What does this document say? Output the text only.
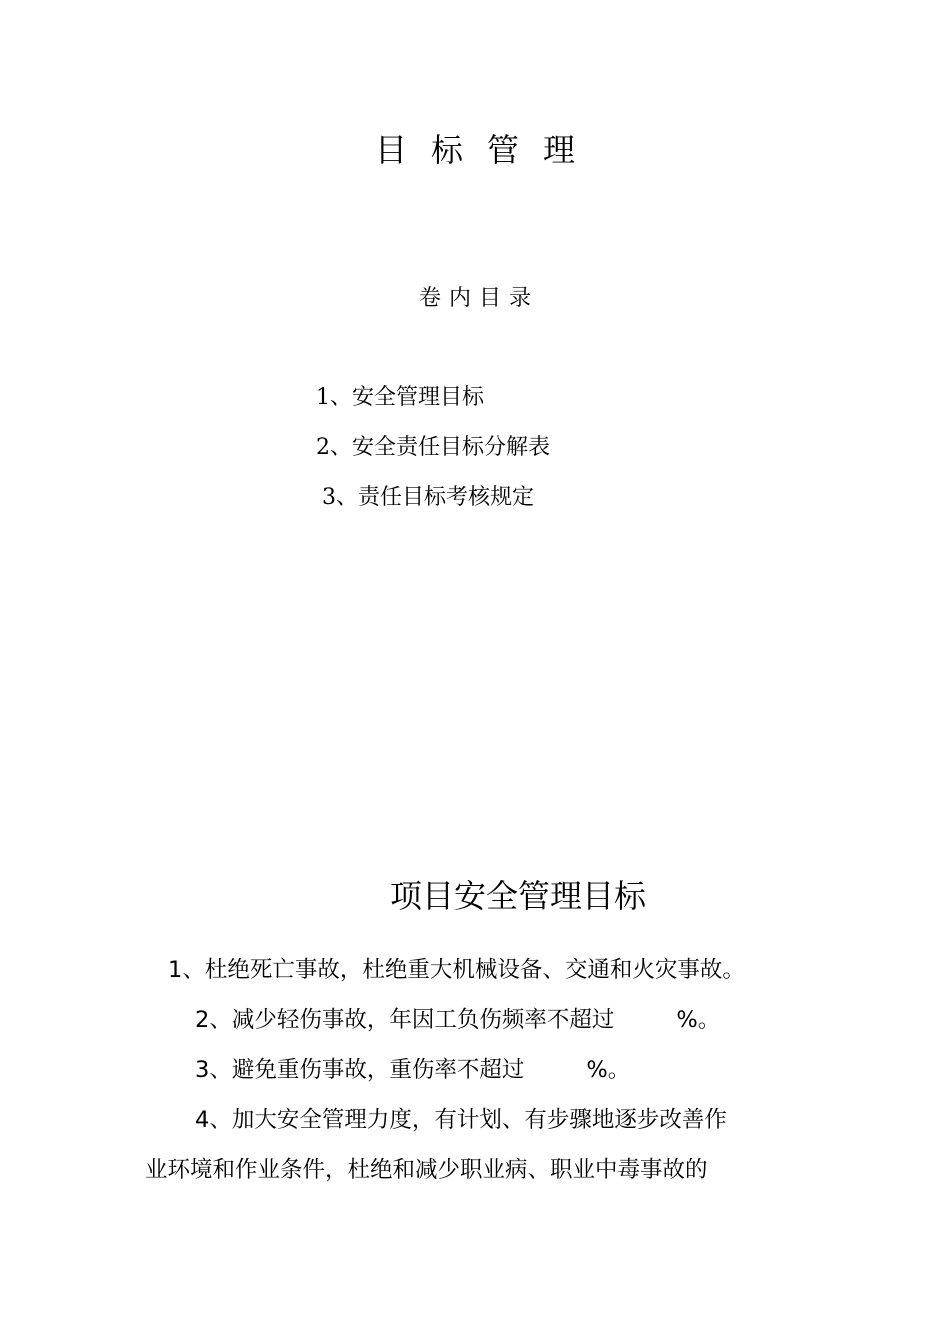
目标管理
卷内目录
1、安全管理目标
2、安全责任目标分解表
3、责任目标考核规定
项目安全管理目标
1、杜绝死亡事故，杜绝重大机械设备、交通和火灾事故。
2、减少轻伤事故，年因工负伤频率不超过	%。
3、避免重伤事故，重伤率不超过	%。
4、加大安全管理力度，有计划、有步骤地逐步改善作
业环境和作业条件，杜绝和减少职业病、职业中毒事故的
